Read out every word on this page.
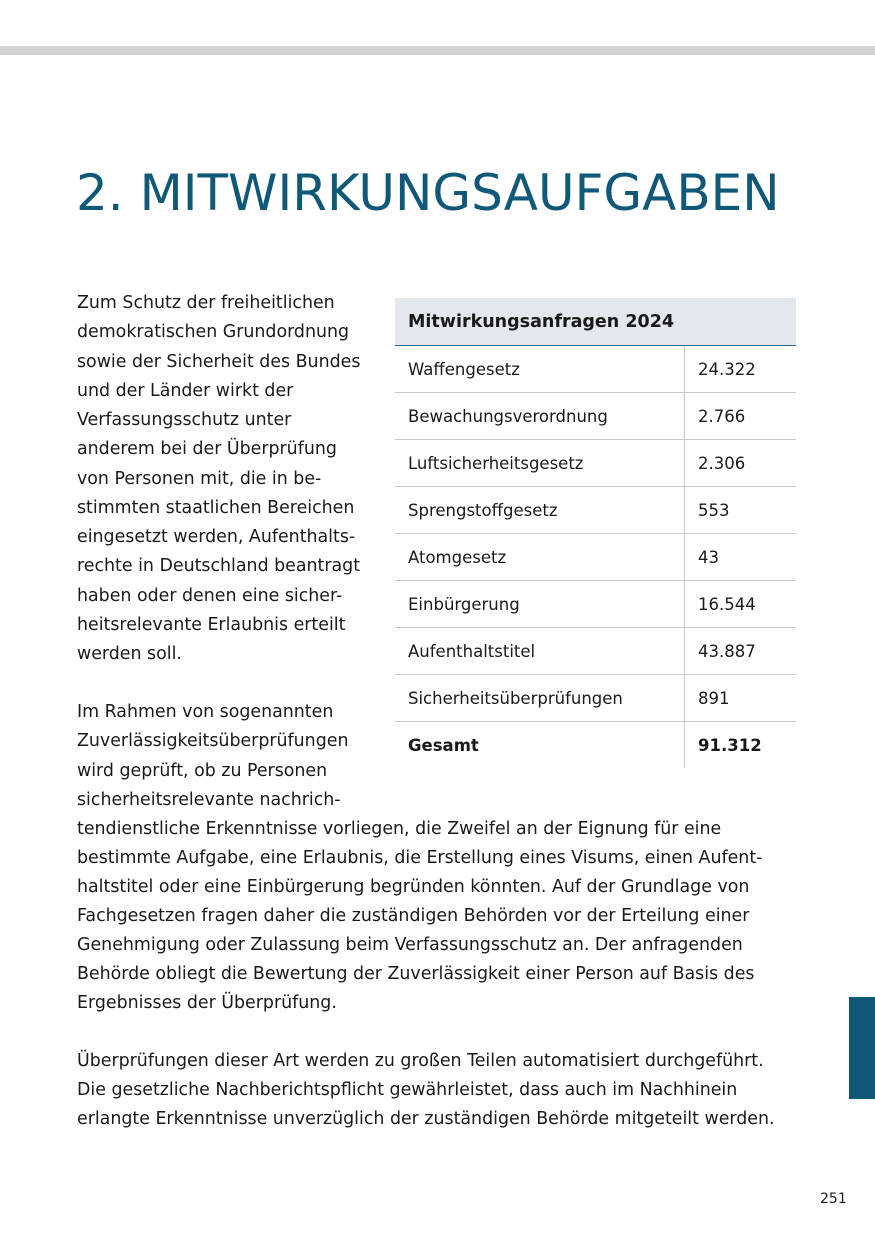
2. MITWIRKUNGSAUFGABEN

Zum Schutz der freiheitlichen

demokratischen Grundordnung

sowie der Sicherheit des Bundes

und der Länder wirkt der

Verfassungsschutz unter

anderem bei der Überprüfung

von Personen mit, die in be-

stimmten staatlichen Bereichen

eingesetzt werden, Aufenthalts-

rechte in Deutschland beantragt

haben oder denen eine sicher-

heitsrelevante Erlaubnis erteilt

werden soll.

Im Rahmen von sogenannten

Zuverlässigkeitsüberprüfungen

wird geprüft, ob zu Personen

sicherheitsrelevante nachrich-

tendienstliche Erkenntnisse vorliegen, die Zweifel an der Eignung für eine

bestimmte Aufgabe, eine Erlaubnis, die Erstellung eines Visums, einen Aufent-

haltstitel oder eine Einbürgerung begründen könnten. Auf der Grundlage von

Fachgesetzen fragen daher die zuständigen Behörden vor der Erteilung einer

Genehmigung oder Zulassung beim Verfassungsschutz an. Der anfragenden

Behörde obliegt die Bewertung der Zuverlässigkeit einer Person auf Basis des

Ergebnisses der Überprüfung.

Überprüfungen dieser Art werden zu großen Teilen automatisiert durchgeführt.

Die gesetzliche Nachberichtspflicht gewährleistet, dass auch im Nachhinein

erlangte Erkenntnisse unverzüglich der zuständigen Behörde mitgeteilt werden.

Mitwirkungsanfragen 2024	
Waffengesetz	24.322
Bewachungsverordnung	2.766
Luftsicherheitsgesetz	2.306
Sprengstoffgesetz	553
Atomgesetz	43
Einbürgerung	16.544
Aufenthaltstitel	43.887
Sicherheitsüberprüfungen	891
Gesamt	91.312
251
